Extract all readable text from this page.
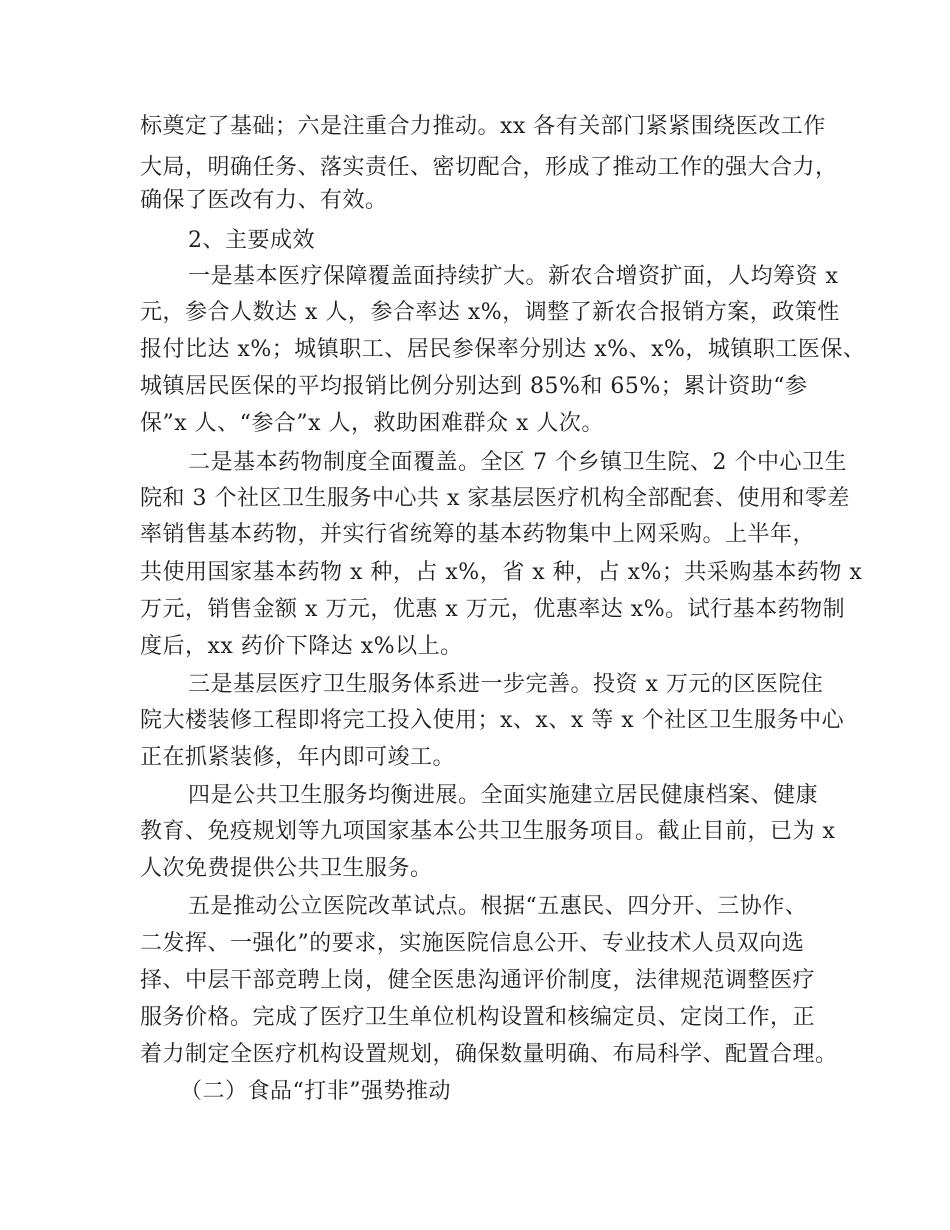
标奠定了基础；六是注重合力推动。xx 各有关部门紧紧围绕医改工作
大局，明确任务、落实责任、密切配合，形成了推动工作的强大合力，
确保了医改有力、有效。
2、主要成效
一是基本医疗保障覆盖面持续扩大。新农合增资扩面，人均筹资 x
元，参合人数达 x 人，参合率达 x%，调整了新农合报销方案，政策性
报付比达 x%；城镇职工、居民参保率分别达 x%、x%，城镇职工医保、
城镇居民医保的平均报销比例分别达到 85%和 65%；累计资助“参
保”x 人、“参合”x 人，救助困难群众 x 人次。
二是基本药物制度全面覆盖。全区 7 个乡镇卫生院、2 个中心卫生
院和 3 个社区卫生服务中心共 x 家基层医疗机构全部配套、使用和零差
率销售基本药物，并实行省统筹的基本药物集中上网采购。上半年，
共使用国家基本药物 x 种，占 x%，省 x 种，占 x%；共采购基本药物 x
万元，销售金额 x 万元，优惠 x 万元，优惠率达 x%。试行基本药物制
度后，xx 药价下降达 x%以上。
三是基层医疗卫生服务体系进一步完善。投资 x 万元的区医院住
院大楼装修工程即将完工投入使用；x、x、x 等 x 个社区卫生服务中心
正在抓紧装修，年内即可竣工。
四是公共卫生服务均衡进展。全面实施建立居民健康档案、健康
教育、免疫规划等九项国家基本公共卫生服务项目。截止目前，已为 x
人次免费提供公共卫生服务。
五是推动公立医院改革试点。根据“五惠民、四分开、三协作、
二发挥、一强化”的要求，实施医院信息公开、专业技术人员双向选
择、中层干部竞聘上岗，健全医患沟通评价制度，法律规范调整医疗
服务价格。完成了医疗卫生单位机构设置和核编定员、定岗工作，正
着力制定全医疗机构设置规划，确保数量明确、布局科学、配置合理。
（二）食品“打非”强势推动
